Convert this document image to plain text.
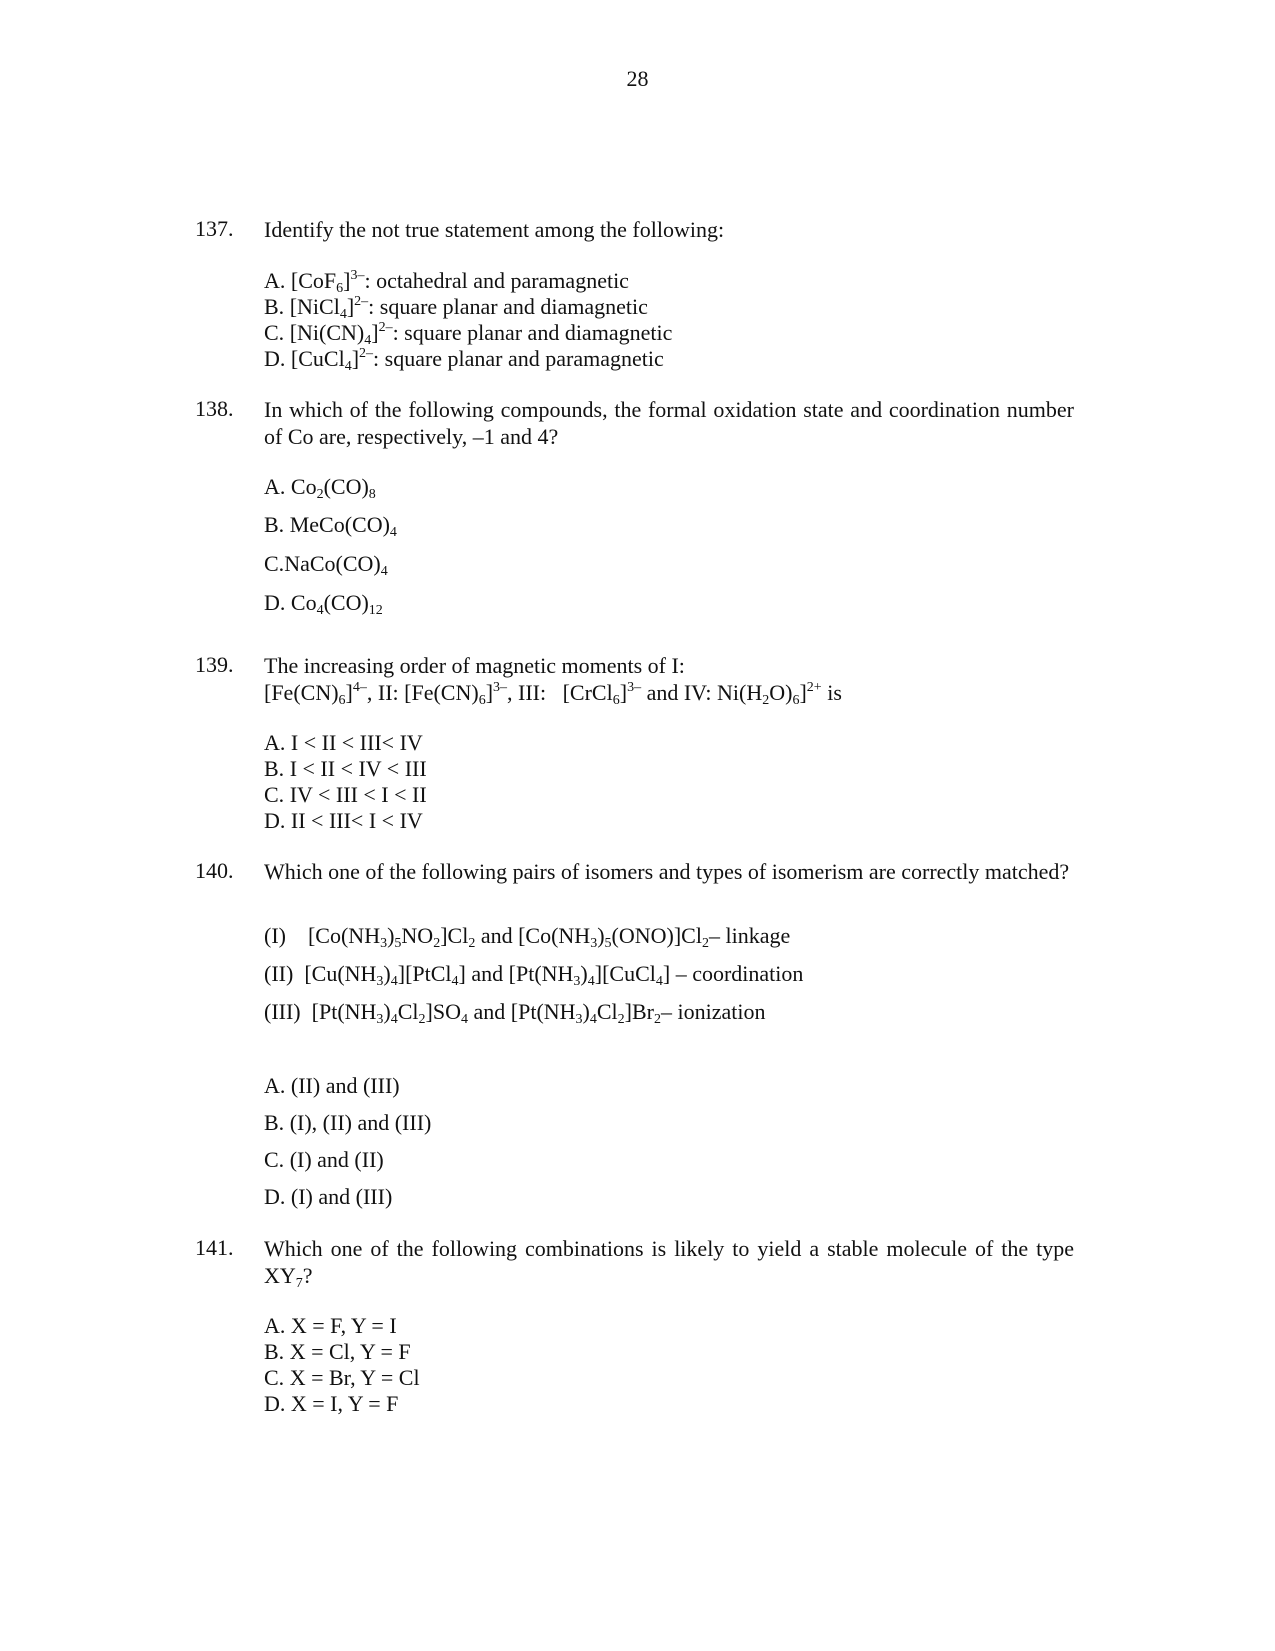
28
137. Identify the not true statement among the following:
A. $[CoF_6]^{3-}$: octahedral and paramagnetic
B. [NiCl$_4$]$^{2-}$: square planar and diamagnetic
C. $[Ni(CN)_4]^{2-}$: square planar and diamagnetic
D. [CuCl$_4$]$^{2-}$: square planar and paramagnetic
138. In which of the following compounds, the formal oxidation state and coordination number of Co are, respectively, –1 and 4?
A. $Co_2(CO)_8$
B. $MeCo(CO)_4$
$C.NaCo(CO)_4$
D. $Co_4(CO)_{12}$
139. The increasing order of magnetic moments of I:
$[Fe(CN)_6]^{4-}$, II: $[Fe(CN)_6]^{3-}$, III:   [CrCl$_6$]$^{3-}$ and IV: $Ni(H_2O)_6]^{2+}$ is
A. I < II < III< IV
B. I < II < IV < III
C. IV < III < I < II
D. II < III< I < IV
140. Which one of the following pairs of isomers and types of isomerism are correctly matched?
(I)    $[Co(NH_3)_5NO_2]Cl_2$ and $[Co(NH_3)_5(ONO)]Cl_2-$ linkage
(II)  $[Cu(NH_3)_4][PtCl_4]$ and $[Pt(NH_3)_4][CuCl_4]$ – coordination
(III)  $[Pt(NH_3)_4Cl_2]SO_4$ and $[Pt(NH_3)_4Cl_2]Br_2-$ ionization
A. (II) and (III)
B. (I), (II) and (III)
C. (I) and (II)
D. (I) and (III)
141. Which one of the following combinations is likely to yield a stable molecule of the type $XY_7$?
A. X = F, Y = I
B. X = Cl, Y = F
C. X = Br, Y = Cl
D. X = I, Y = F
